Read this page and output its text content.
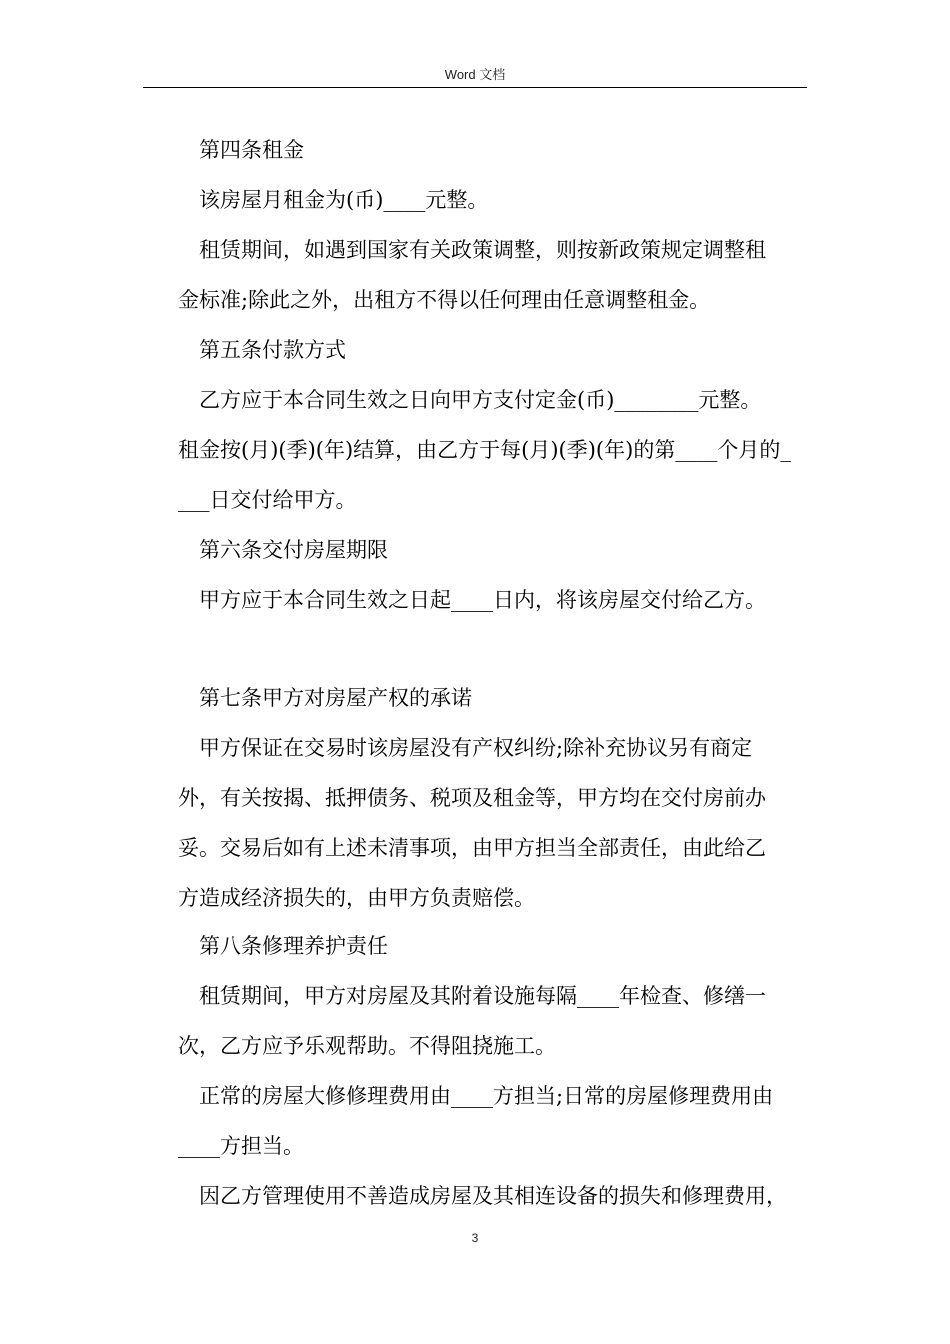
Word 文档
第四条租金
该房屋月租金为(币)____元整。
租赁期间，如遇到国家有关政策调整，则按新政策规定调整租
金标准;除此之外，出租方不得以任何理由任意调整租金。
第五条付款方式
乙方应于本合同生效之日向甲方支付定金(币)________元整。
租金按(月)(季)(年)结算，由乙方于每(月)(季)(年)的第____个月的_
___日交付给甲方。
第六条交付房屋期限
甲方应于本合同生效之日起____日内，将该房屋交付给乙方。
第七条甲方对房屋产权的承诺
甲方保证在交易时该房屋没有产权纠纷;除补充协议另有商定
外，有关按揭、抵押债务、税项及租金等，甲方均在交付房前办
妥。交易后如有上述未清事项，由甲方担当全部责任，由此给乙
方造成经济损失的，由甲方负责赔偿。
第八条修理养护责任
租赁期间，甲方对房屋及其附着设施每隔____年检查、修缮一
次，乙方应予乐观帮助。不得阻挠施工。
正常的房屋大修修理费用由____方担当;日常的房屋修理费用由
____方担当。
因乙方管理使用不善造成房屋及其相连设备的损失和修理费用，
3
